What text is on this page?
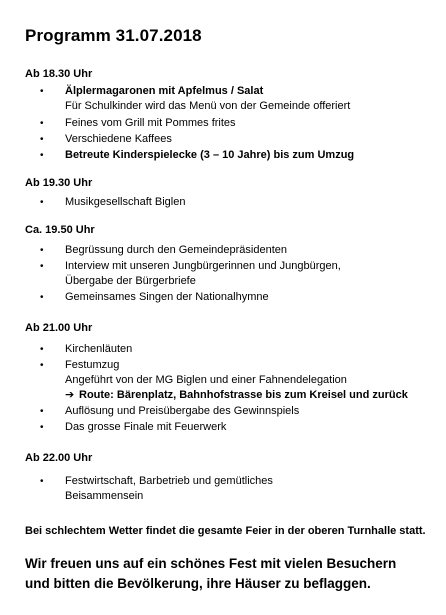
Programm 31.07.2018
Ab 18.30 Uhr
• Älplermagaronen mit Apfelmus / Salat
Für Schulkinder wird das Menü von der Gemeinde offeriert
• Feines vom Grill mit Pommes frites
• Verschiedene Kaffees
• Betreute Kinderspielecke (3 – 10 Jahre) bis zum Umzug
Ab 19.30 Uhr
• Musikgesellschaft Biglen
Ca. 19.50 Uhr
• Begrüssung durch den Gemeindepräsidenten
• Interview mit unseren Jungbürgerinnen und Jungbürgen,
Übergabe der Bürgerbriefe
• Gemeinsames Singen der Nationalhymne
Ab 21.00 Uhr
• Kirchenläuten
• Festumzug
Angeführt von der MG Biglen und einer Fahnendelegation
➔ Route: Bärenplatz, Bahnhofstrasse bis zum Kreisel und zurück
• Auflösung und Preisübergabe des Gewinnspiels
• Das grosse Finale mit Feuerwerk
Ab 22.00 Uhr
• Festwirtschaft, Barbetrieb und gemütliches
Beisammensein
Bei schlechtem Wetter findet die gesamte Feier in der oberen Turnhalle statt.
Wir freuen uns auf ein schönes Fest mit vielen Besuchern
und bitten die Bevölkerung, ihre Häuser zu beflaggen.
